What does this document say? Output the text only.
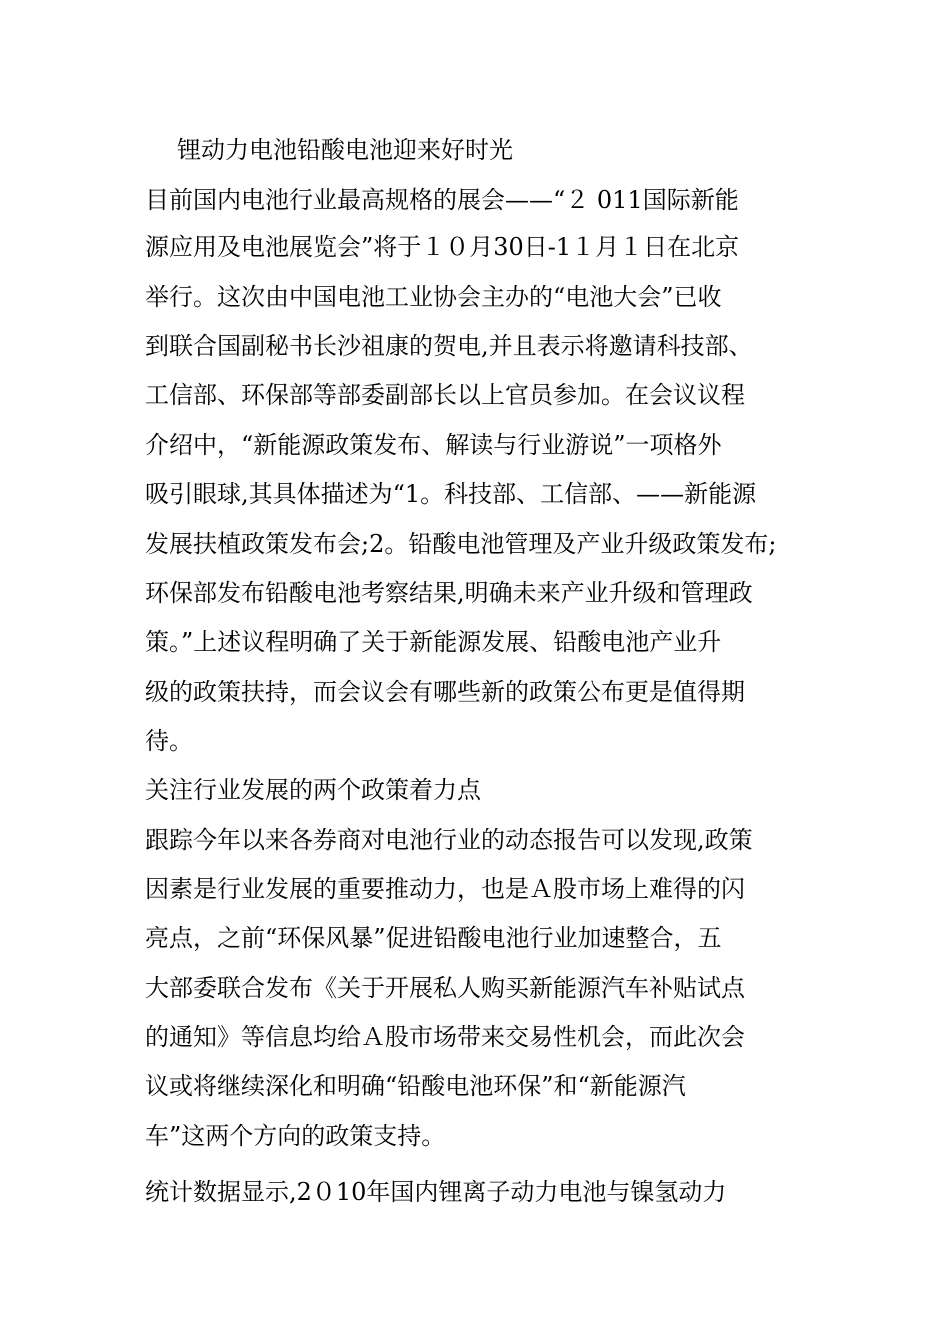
锂动力电池铅酸电池迎来好时光
目前国内电池行业最高规格的展会——“２ 011国际新能
源应用及电池展览会”将于１０月30日-1１月１日在北京
举行。这次由中国电池工业协会主办的“电池大会”已收
到联合国副秘书长沙祖康的贺电,并且表示将邀请科技部、
工信部、环保部等部委副部长以上官员参加。在会议议程
介绍中，“新能源政策发布、解读与行业游说”一项格外
吸引眼球,其具体描述为“1。科技部、工信部、——新能源
发展扶植政策发布会;2。铅酸电池管理及产业升级政策发布;
环保部发布铅酸电池考察结果,明确未来产业升级和管理政
策。”上述议程明确了关于新能源发展、铅酸电池产业升
级的政策扶持，而会议会有哪些新的政策公布更是值得期
待。
关注行业发展的两个政策着力点
跟踪今年以来各券商对电池行业的动态报告可以发现,政策
因素是行业发展的重要推动力，也是Ａ股市场上难得的闪
亮点，之前“环保风暴”促进铅酸电池行业加速整合，五
大部委联合发布《关于开展私人购买新能源汽车补贴试点
的通知》等信息均给Ａ股市场带来交易性机会，而此次会
议或将继续深化和明确“铅酸电池环保”和“新能源汽
车”这两个方向的政策支持。
统计数据显示,2０10年国内锂离子动力电池与镍氢动力
